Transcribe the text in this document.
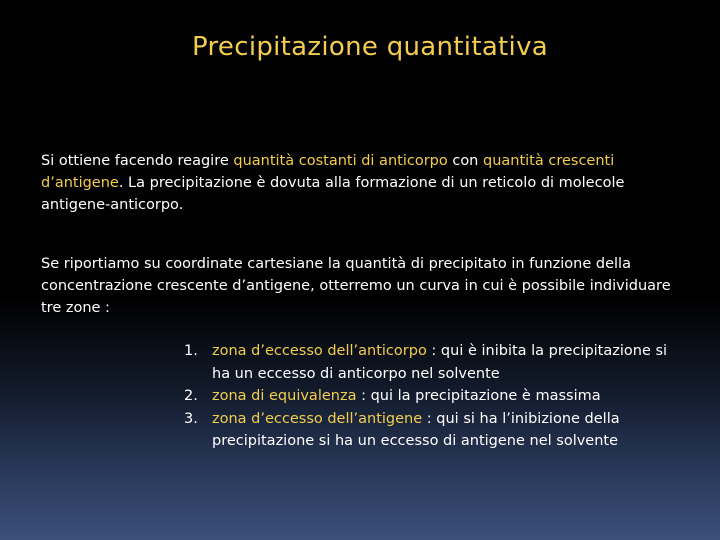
Precipitazione quantitativa
Si ottiene facendo reagire quantità costanti di anticorpo con quantità crescenti d’antigene. La precipitazione è dovuta alla formazione di un reticolo di molecole antigene-anticorpo.
Se riportiamo su coordinate cartesiane la quantità di precipitato in funzione della concentrazione crescente d’antigene, otterremo un curva in cui è possibile individuare tre zone :
1. zona d’eccesso dell’anticorpo : qui è inibita la precipitazione si ha un eccesso di anticorpo nel solvente
2. zona di equivalenza : qui la precipitazione è massima
3. zona d’eccesso dell’antigene : qui si ha l’inibizione della precipitazione si ha un eccesso di antigene nel solvente
